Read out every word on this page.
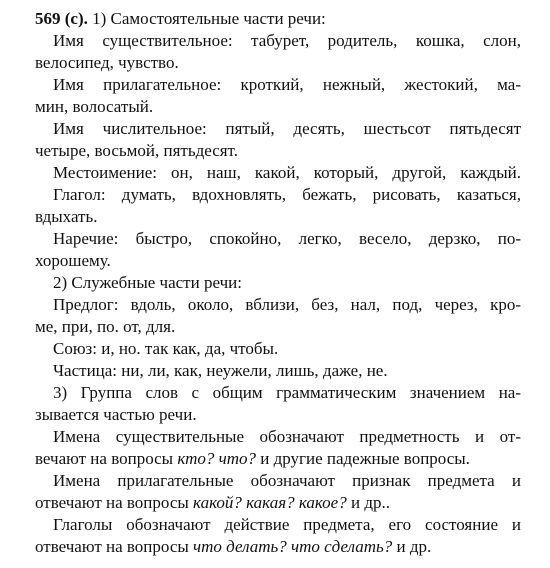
569 (с). 1) Самостоятельные части речи:
Имя существительное: табурет, родитель, кошка, слон,
велосипед, чувство.
Имя прилагательное: кроткий, нежный, жестокий, ма-
мин, волосатый.
Имя числительное: пятый, десять, шестьсот пятьдесят
четыре, восьмой, пятьдесят.
Местоимение: он, наш, какой, который, другой, каждый.
Глагол: думать, вдохновлять, бежать, рисовать, казаться,
вдыхать.
Наречие: быстро, спокойно, легко, весело, дерзко, по-
хорошему.
2) Служебные части речи:
Предлог: вдоль, около, вблизи, без, нал, под, через, кро-
ме, при, по. от, для.
Союз: и, но. так как, да, чтобы.
Частица: ни, ли, как, неужели, лишь, даже, не.
3) Группа слов с общим грамматическим значением на-
зывается частью речи.
Имена существительные обозначают предметность и от-
вечают на вопросы кто? что? и другие падежные вопросы.
Имена прилагательные обозначают признак предмета и
отвечают на вопросы какой? какая? какое? и др..
Глаголы обозначают действие предмета, его состояние и
отвечают на вопросы что делать? что сделать? и др.
